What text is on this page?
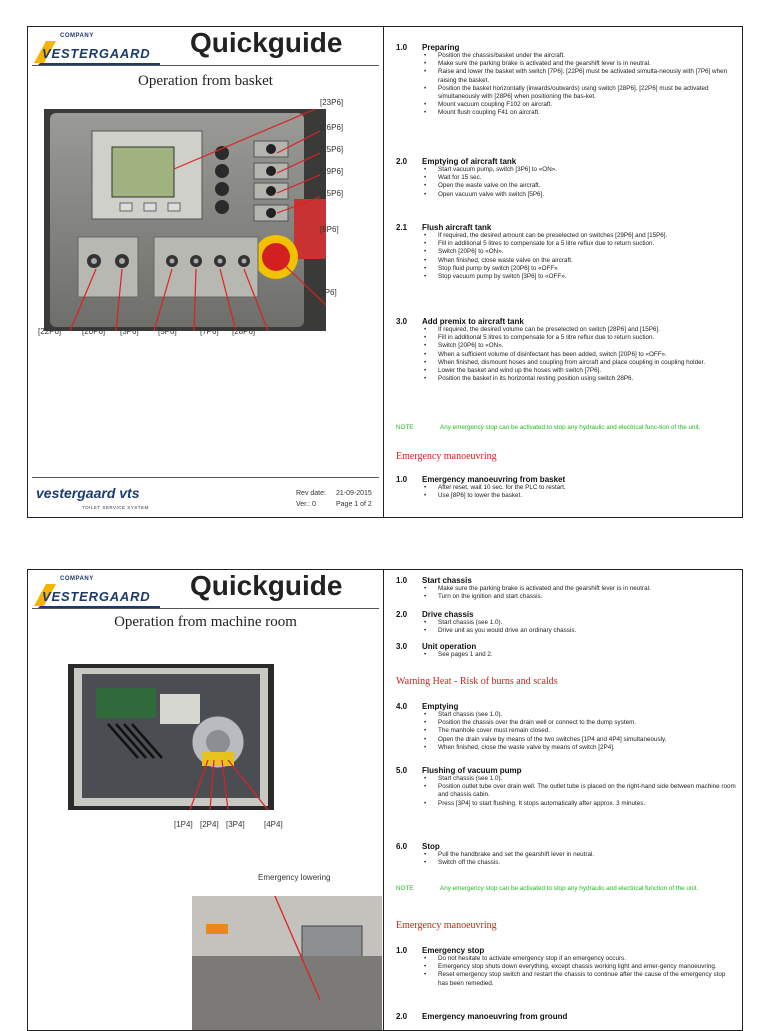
COMPANY
VESTERGAARD Quickguide
Operation from basket
[23P6]
[26P6]
[25P6]
[29P6]
[15P6]
[8P6]
[9P6]
[22P6]	[20P6] [3P6] [5P6]	[7P6] [28P6]
vestergaard vts
TOILET SERVICE SYSTEM
Rev date: 21-09-2015
Ver.: 0	Page 1 of 2
1.0	Preparing

• Position the chassis/basket under the aircraft.

• Make sure the parking brake is activated and the gearshift lever is in neutral.

• Raise and lower the basket with switch [7P6]. [22P6] must be activated simulta-neously with [7P6] when raising the basket.

• Position the basket horizontally (inwards/outwards) using switch [28P6]. [22P6] must be activated simultaneously with [28P6] when positioning the bas-ket.

• Mount vacuum coupling F102 on aircraft.

• Mount flush coupling F41 on aircraft.

2.0	Emptying of aircraft tank

• Start vacuum pump, switch [3P6] to «ON».

• Wait for 15 sec.

• Open the waste valve on the aircraft.

• Open vacuum valve with switch [5P6].

2.1	Flush aircraft tank

• If required, the desired amount can be preselected on switches [29P6] and [15P6].

• Fill in additional 5 litres to compensate for a 5 litre reflux due to return suction.

• Switch [20P6] to «ON».

• When finished, close waste valve on the aircraft.

• Stop fluid pump by switch [20P6] to «OFF»

• Stop vacuum pump by switch [3P6] to «OFF».

3.0	Add premix to aircraft tank

• If required, the desired volume can be preselected on switch [28P6] and [15P6].

• Fill in additional 5 litres to compensate for a 5 litre reflux due to return suction.

• Switch [20P6] to «ON».

• When a sufficient volume of disinfectant has been added, switch [20P6] to «OFF».

• When finished, dismount hoses and coupling from aircraft and place coupling in coupling holder.

• Lower the basket and wind up the hoses with switch [7P6].

• Position the basket in its horizontal resting position using switch 28P6.

NOTE	Any emergency stop can be activated to stop any hydraulic and electrical func-tion of the unit.
Emergency manoeuvring
1.0	Emergency manoeuvring from basket

• After reset, wait 10 sec. for the PLC to restart.

• Use [8P6] to lower the basket.

COMPANY
VESTERGAARD Quickguide
Operation from machine room
[1P4] [2P4] [3P4] [4P4]
Emergency lowering
1.0	Start chassis

• Make sure the parking brake is activated and the gearshift lever is in neutral.

• Turn on the ignition and start chassis.

2.0	Drive chassis

• Start chassis (see 1.0).

• Drive unit as you would drive an ordinary chassis.

3.0	Unit operation

• See pages 1 and 2.

Warning Heat - Risk of burns and scalds
4.0	Emptying

• Start chassis (see 1.0).

• Position the chassis over the drain well or connect to the dump system.

• The manhole cover must remain closed.

• Open the drain valve by means of the two switches [1P4 and 4P4] simultaneously.

• When finished, close the waste valve by means of switch [2P4].

5.0	Flushing of vacuum pump

• Start chassis (see 1.0).

• Position outlet tube over drain well. The outlet tube is placed on the right-hand side between machine room and chassis cabin.

• Press [3P4] to start flushing. It stops automatically after approx. 3 minutes.

6.0	Stop

• Pull the handbrake and set the gearshift lever in neutral.

• Switch off the chassis.

NOTE	Any emergency stop can be activated to stop any hydraulic and electrical function of the unit.
Emergency manoeuvring
1.0	Emergency stop

• Do not hesitate to activate emergency stop if an emergency occurs.

• Emergency stop shuts down everything, except chassis working light and emer-gency manoeuvring.

• Reset emergency stop switch and restart the chassis to continue after the cause of the emergency stop has been remedied.

2.0	Emergency manoeuvring from ground
